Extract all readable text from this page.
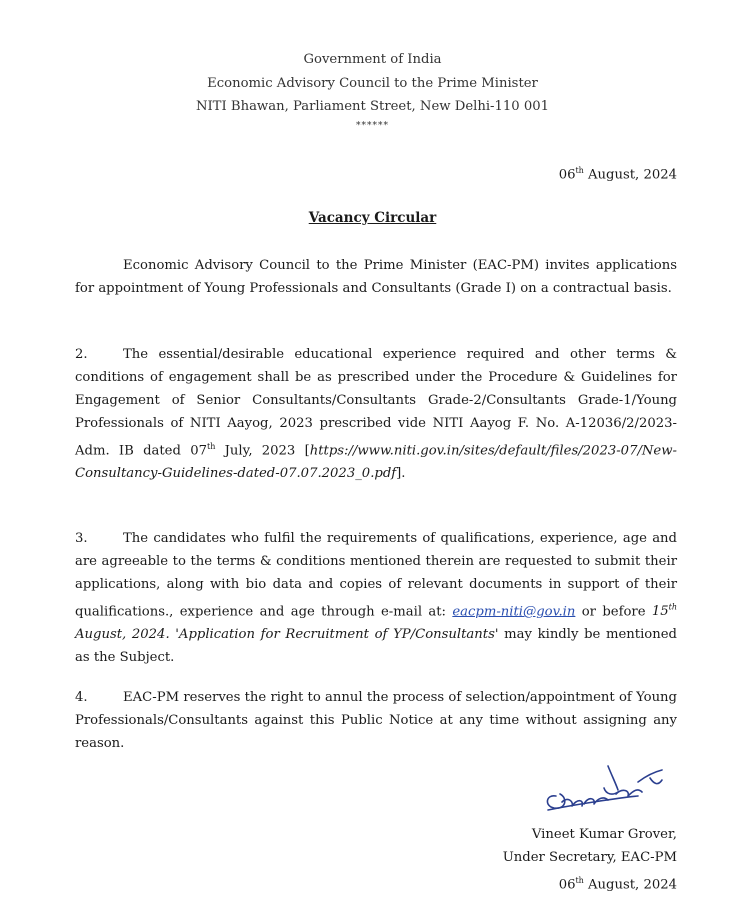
Government of India
Economic Advisory Council to the Prime Minister
NITI Bhawan, Parliament Street, New Delhi-110 001
******
06th August, 2024
Vacancy Circular
Economic Advisory Council to the Prime Minister (EAC-PM) invites applications for appointment of Young Professionals and Consultants (Grade I) on a contractual basis.
2.	The essential/desirable educational experience required and other terms & conditions of engagement shall be as prescribed under the Procedure & Guidelines for Engagement of Senior Consultants/Consultants Grade-2/Consultants Grade-1/Young Professionals of NITI Aayog, 2023 prescribed vide NITI Aayog F. No. A-12036/2/2023-Adm. IB dated 07th July, 2023 [https://www.niti.gov.in/sites/default/files/2023-07/New-Consultancy-Guidelines-dated-07.07.2023_0.pdf].
3.	The candidates who fulfil the requirements of qualifications, experience, age and are agreeable to the terms & conditions mentioned therein are requested to submit their applications, along with bio data and copies of relevant documents in support of their qualifications., experience and age through e-mail at: eacpm-niti@gov.in or before 15th August, 2024. 'Application for Recruitment of YP/Consultants' may kindly be mentioned as the Subject.
4.	EAC-PM reserves the right to annul the process of selection/appointment of Young Professionals/Consultants against this Public Notice at any time without assigning any reason.
Vineet Kumar Grover,
Under Secretary, EAC-PM
06th August, 2024
